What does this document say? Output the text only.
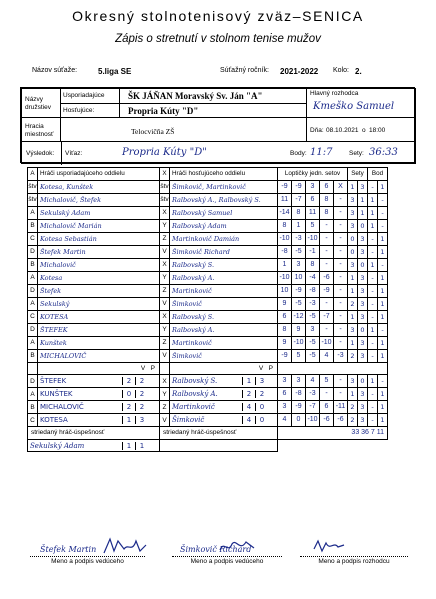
Okresný stolnotenisový zväz–SENICA
Zápis o stretnutí v stolnom tenise mužov
Názov súťaže:	5.liga SE	Súťažný ročník: 2021-2022 Kolo: 2.
Názvy družstiev
Usporiadajúce	ŠK JÁŇAN Moravský Sv. Ján "A"
Hosťujúce:	Propria Kúty "D"
Hlavný rozhodca
Kmeško Samuel
Hracia miestnosť	Telocvičňa ZŠ	Dňa: 08.10.2021 o 18:00
Výsledok: Víťaz:	Propria Kúty "D"	Body: 11:7	Sety: 36:33
A	Hráči usporiadajúceho oddielu	X	Hráči hosťujúceho oddielu	Loptičky jedn. setov	Sety		Bod	
štv	Kotesa, Kunštek	štv	Šimkovič, Martinkovič	-9 -9 3 6 X	1	3	-	1
štv	Michalovič, Štefek	štv	Ralbovský A., Ralbovský S.	11 -7 6 8 -	3	1	1	-
A	Sekulský Adam	X	Ralbovský Samuel	-14 8 11 8 -	3	1	1	-
B	Michalovič Marián	Y	Ralbovský Adam	8 1 5 - -	3	0	1	-
C	Kotesa Sebastián	Z	Martinkovič Damián	-10 -3 -10 - -	0	3	-	1
D	Štefek Martin	V	Šimkovič Richard	-8 -5 -1 - -	0	3	-	1
B	Michalovič	X	Ralbovský S.	1 3 8 - -	3	0	1	-
A	Kotesa	Y	Ralbovský A.	-10 10 -4 -6 -	1	3	-	1
D	Štefek	Z	Martinkovič	10 -9 -8 -9 -	1	3	-	1
A	Sekulský	V	Šimkovič	9 -5 -3 - -	2	3	-	1
C	KOTESA	X	Ralbovský S.	6 -12 -5 -7 -	1	3	-	1
D	ŠTEFEK	Y	Ralbovský A.	8 9 3 - -	3	0	1	-
A	Kunštek	Z	Martinkovič	9 -10 -5 -10 -	1	3	-	1
B	MICHALOVIČ	V	Šimkovič	-9 5 -5 4 -3	2	3	-	1
	V P		V P					
D	ŠTEFEK 2 2	X	Ralbovský S. 1 3	3 3 4 5 -	3	0	1	-
A	KUNŠTEK 0 2	Y	Ralbovský A. 2 2	6 -8 -3 - -	1	3	-	1
B	MICHALOVIČ 2 2	Z	Martinkovič 4 0	3 -9 -7 6 -11	2	3	-	1
C	KOTESA 1 3	V	Šimkovič 4 0	4 0 -10 -6 -6	2	3	-	1
striedaný hráč-úspešnosť		striedaný hráč-úspešnosť		33 36 7 11				
Sekulský Adam 1 1								
Štefek Martin
Meno a podpis vedúceho
Šimkovič Richard
Meno a podpis vedúceho	Meno a podpis rozhodcu
